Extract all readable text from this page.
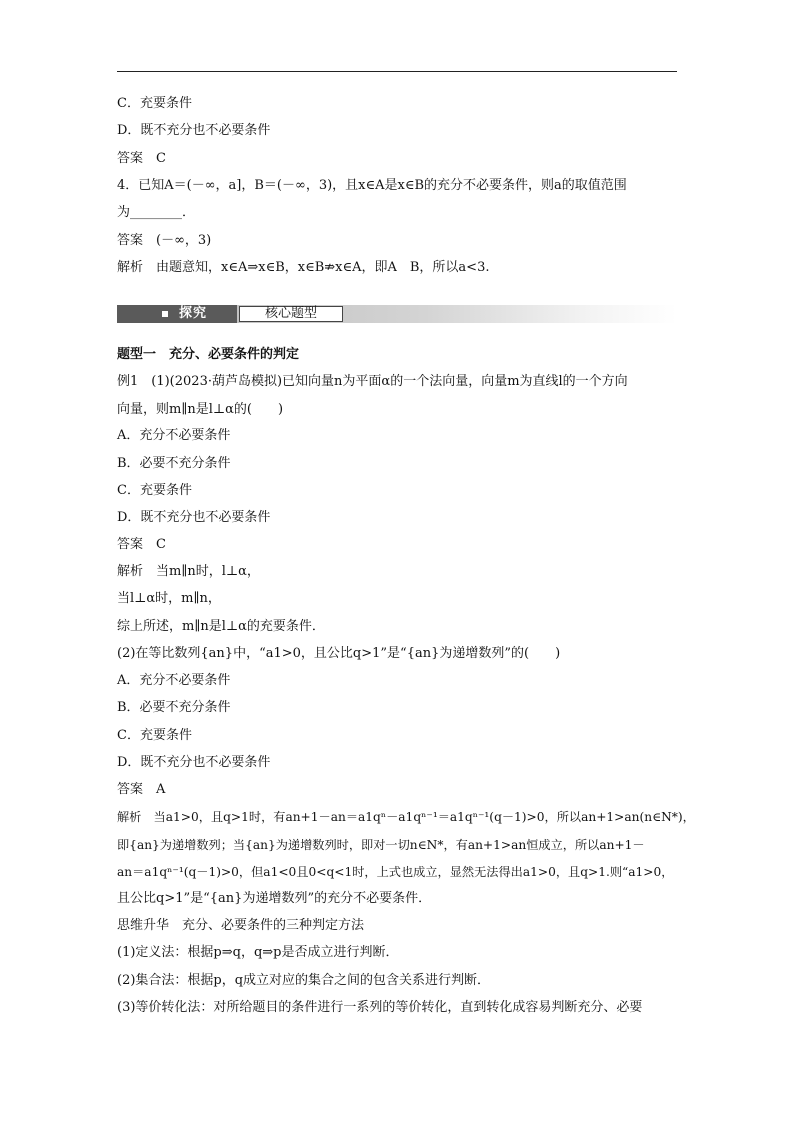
C．充要条件
D．既不充分也不必要条件
答案　C
4．已知A＝(－∞，a]，B＝(－∞，3)，且x∈A是x∈B的充分不必要条件，则a的取值范围
为________．
答案　(－∞，3)
解析　由题意知，x∈A⇒x∈B，x∈B⇏x∈A，即A　B，所以a<3.
探究	核心题型
题型一　充分、必要条件的判定
例1　(1)(2023·葫芦岛模拟)已知向量n为平面α的一个法向量，向量m为直线l的一个方向
向量，则m∥n是l⊥α的(　　)
A．充分不必要条件
B．必要不充分条件
C．充要条件
D．既不充分也不必要条件
答案　C
解析　当m∥n时，l⊥α，
当l⊥α时，m∥n，
综上所述，m∥n是l⊥α的充要条件．
(2)在等比数列{an}中，“a1>0，且公比q>1”是“{an}为递增数列”的(　　)
A．充分不必要条件
B．必要不充分条件
C．充要条件
D．既不充分也不必要条件
答案　A
解析　当a1>0，且q>1时，有an+1－an＝a1qⁿ－a1qⁿ⁻¹＝a1qⁿ⁻¹(q－1)>0，所以an+1>an(n∈N*)，
即{an}为递增数列；当{an}为递增数列时，即对一切n∈N*，有an+1>an恒成立，所以an+1－
an＝a1qⁿ⁻¹(q－1)>0，但a1<0且0<q<1时，上式也成立，显然无法得出a1>0，且q>1.则“a1>0，
且公比q>1”是“{an}为递增数列”的充分不必要条件．
思维升华　充分、必要条件的三种判定方法
(1)定义法：根据p⇒q，q⇒p是否成立进行判断．
(2)集合法：根据p，q成立对应的集合之间的包含关系进行判断．
(3)等价转化法：对所给题目的条件进行一系列的等价转化，直到转化成容易判断充分、必要
